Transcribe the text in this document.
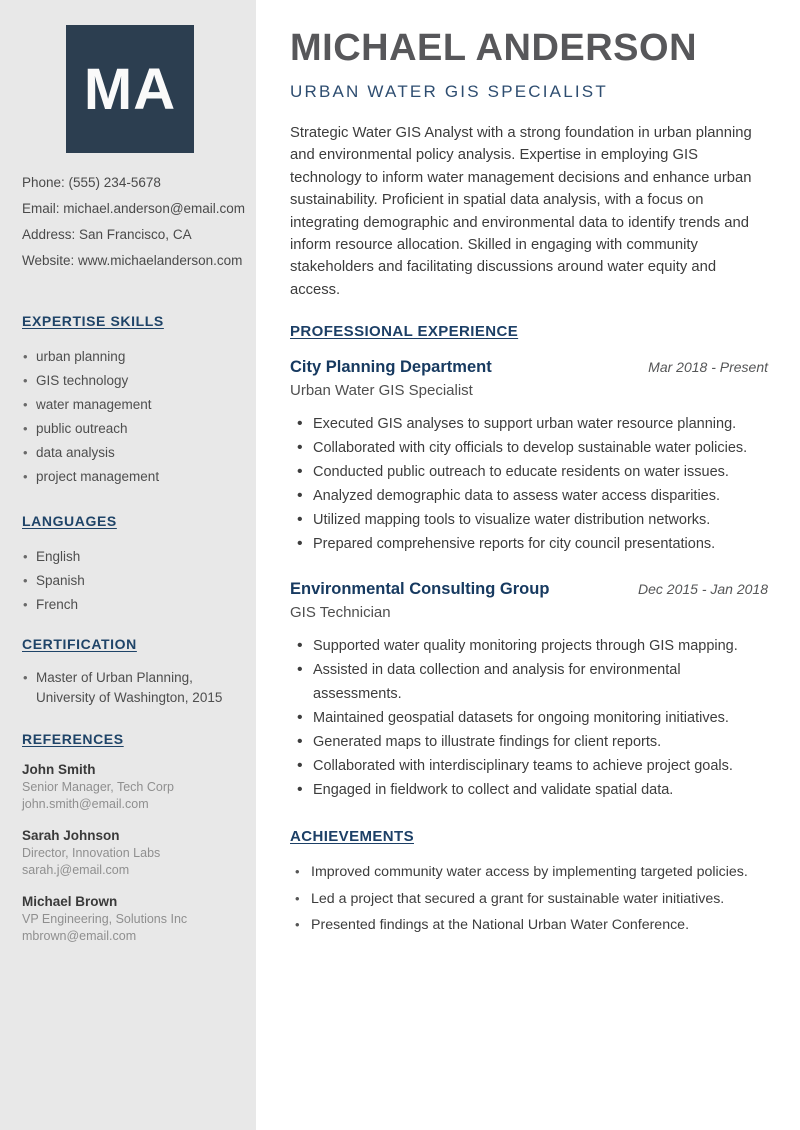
MA
Phone: (555) 234-5678
Email: michael.anderson@email.com
Address: San Francisco, CA
Website: www.michaelanderson.com
EXPERTISE SKILLS
• urban planning
• GIS technology
• water management
• public outreach
• data analysis
• project management
LANGUAGES
• English
• Spanish
• French
CERTIFICATION
• Master of Urban Planning, University of Washington, 2015
REFERENCES
John Smith
Senior Manager, Tech Corp
john.smith@email.com
Sarah Johnson
Director, Innovation Labs
sarah.j@email.com
Michael Brown
VP Engineering, Solutions Inc
mbrown@email.com
MICHAEL ANDERSON
URBAN WATER GIS SPECIALIST

Strategic Water GIS Analyst with a strong foundation in urban planning and environmental policy analysis. Expertise in employing GIS technology to inform water management decisions and enhance urban sustainability. Proficient in spatial data analysis, with a focus on integrating demographic and environmental data to identify trends and inform resource allocation. Skilled in engaging with community stakeholders and facilitating discussions around water equity and access.

PROFESSIONAL EXPERIENCE
City Planning Department	Mar 2018 - Present
Urban Water GIS Specialist
• Executed GIS analyses to support urban water resource planning.
• Collaborated with city officials to develop sustainable water policies.
• Conducted public outreach to educate residents on water issues.
• Analyzed demographic data to assess water access disparities.
• Utilized mapping tools to visualize water distribution networks.
• Prepared comprehensive reports for city council presentations.
Environmental Consulting Group	Dec 2015 - Jan 2018
GIS Technician
• Supported water quality monitoring projects through GIS mapping.
• Assisted in data collection and analysis for environmental assessments.
• Maintained geospatial datasets for ongoing monitoring initiatives.
• Generated maps to illustrate findings for client reports.
• Collaborated with interdisciplinary teams to achieve project goals.
• Engaged in fieldwork to collect and validate spatial data.
ACHIEVEMENTS
• Improved community water access by implementing targeted policies.
• Led a project that secured a grant for sustainable water initiatives.
• Presented findings at the National Urban Water Conference.
